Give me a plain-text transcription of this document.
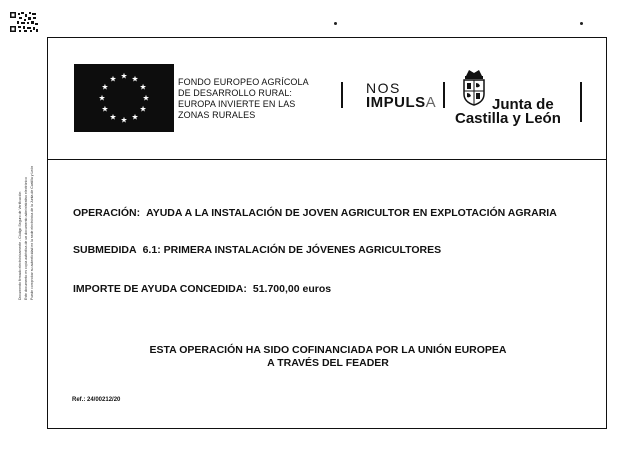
Documento firmado electrónicamente - Código Seguro de Verificación Este documento es copia auténtica de un documento administrativo electrónico Puede comprobar su autenticidad en la sede electrónica de la Junta de Castilla y León
FONDO EUROPEO AGRÍCOLA
DE DESARROLLO RURAL:
EUROPA INVIERTE EN LAS
ZONAS RURALES
NOS
IMPULSA	Junta de
Castilla y León
OPERACIÓN: AYUDA A LA INSTALACIÓN DE JOVEN AGRICULTOR EN EXPLOTACIÓN AGRARIA
SUBMEDIDA 6.1: PRIMERA INSTALACIÓN DE JÓVENES AGRICULTORES
IMPORTE DE AYUDA CONCEDIDA: 51.700,00 euros
ESTA OPERACIÓN HA SIDO COFINANCIADA POR LA UNIÓN EUROPEA
A TRAVÉS DEL FEADER
Ref.: 24/00212/20
